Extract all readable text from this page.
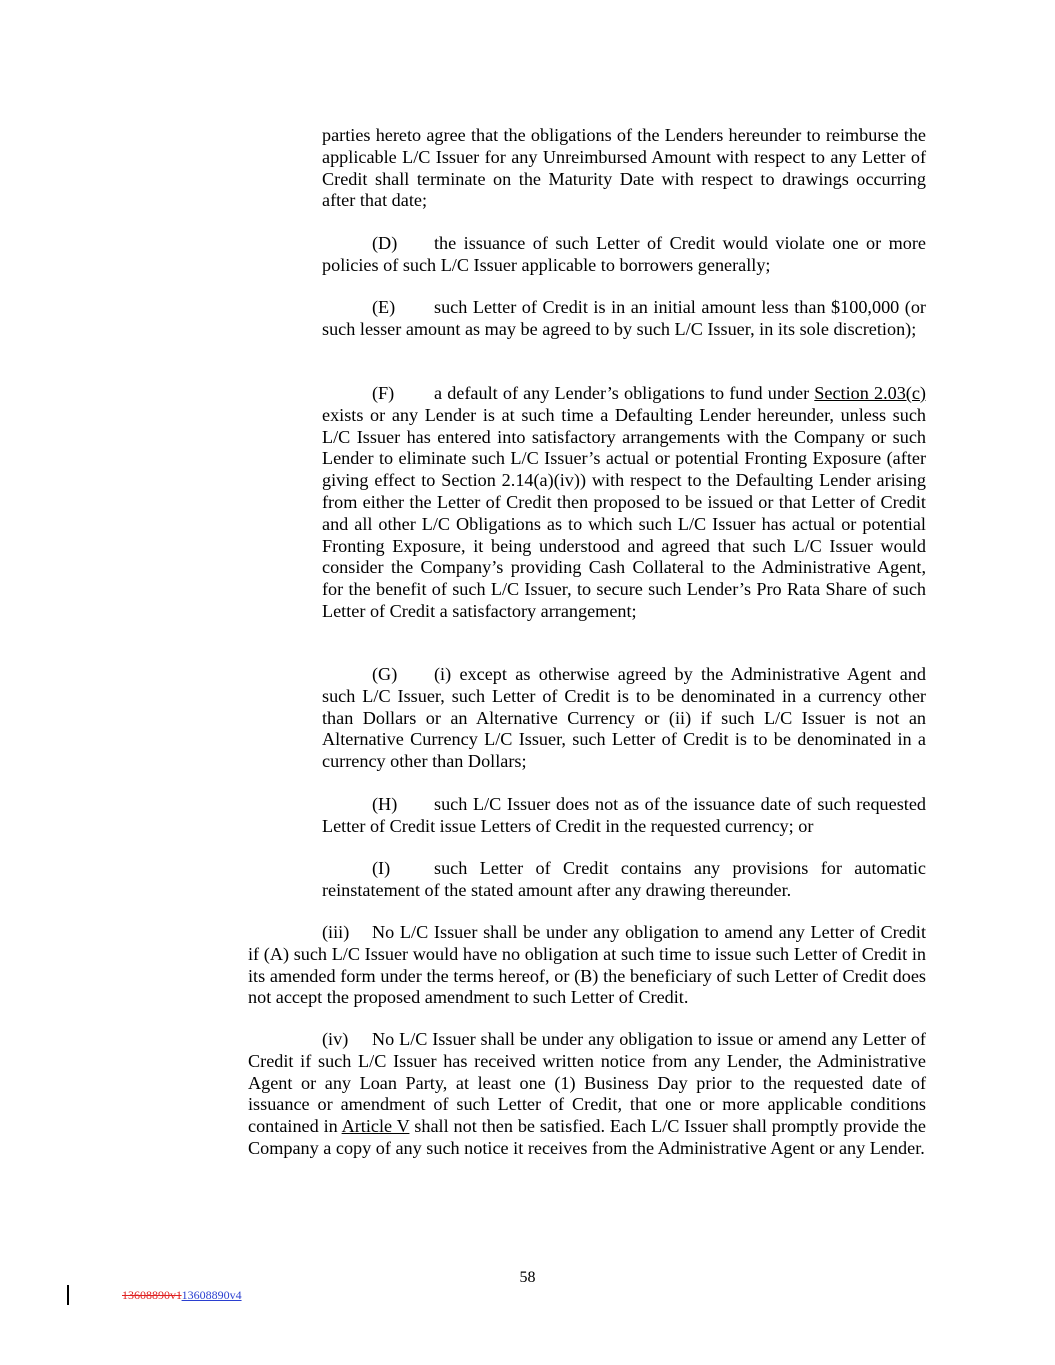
parties hereto agree that the obligations of the Lenders hereunder to reimburse the applicable L/C Issuer for any Unreimbursed Amount with respect to any Letter of Credit shall terminate on the Maturity Date with respect to drawings occurring after that date;

(D) the issuance of such Letter of Credit would violate one or more policies of such L/C Issuer applicable to borrowers generally;

(E) such Letter of Credit is in an initial amount less than $100,000 (or such lesser amount as may be agreed to by such L/C Issuer, in its sole discretion);

(F) a default of any Lender’s obligations to fund under Section 2.03(c) exists or any Lender is at such time a Defaulting Lender hereunder, unless such L/C Issuer has entered into satisfactory arrangements with the Company or such Lender to eliminate such L/C Issuer’s actual or potential Fronting Exposure (after giving effect to Section 2.14(a)(iv)) with respect to the Defaulting Lender arising from either the Letter of Credit then proposed to be issued or that Letter of Credit and all other L/C Obligations as to which such L/C Issuer has actual or potential Fronting Exposure, it being understood and agreed that such L/C Issuer would consider the Company’s providing Cash Collateral to the Administrative Agent, for the benefit of such L/C Issuer, to secure such Lender’s Pro Rata Share of such Letter of Credit a satisfactory arrangement;

(G) (i) except as otherwise agreed by the Administrative Agent and such L/C Issuer, such Letter of Credit is to be denominated in a currency other than Dollars or an Alternative Currency or (ii) if such L/C Issuer is not an Alternative Currency L/C Issuer, such Letter of Credit is to be denominated in a currency other than Dollars;

(H) such L/C Issuer does not as of the issuance date of such requested Letter of Credit issue Letters of Credit in the requested currency; or

(I) such Letter of Credit contains any provisions for automatic reinstatement of the stated amount after any drawing thereunder.

(iii) No L/C Issuer shall be under any obligation to amend any Letter of Credit if (A) such L/C Issuer would have no obligation at such time to issue such Letter of Credit in its amended form under the terms hereof, or (B) the beneficiary of such Letter of Credit does not accept the proposed amendment to such Letter of Credit.

(iv) No L/C Issuer shall be under any obligation to issue or amend any Letter of Credit if such L/C Issuer has received written notice from any Lender, the Administrative Agent or any Loan Party, at least one (1) Business Day prior to the requested date of issuance or amendment of such Letter of Credit, that one or more applicable conditions contained in Article V shall not then be satisfied. Each L/C Issuer shall promptly provide the Company a copy of any such notice it receives from the Administrative Agent or any Lender.

58
13608890v113608890v4
